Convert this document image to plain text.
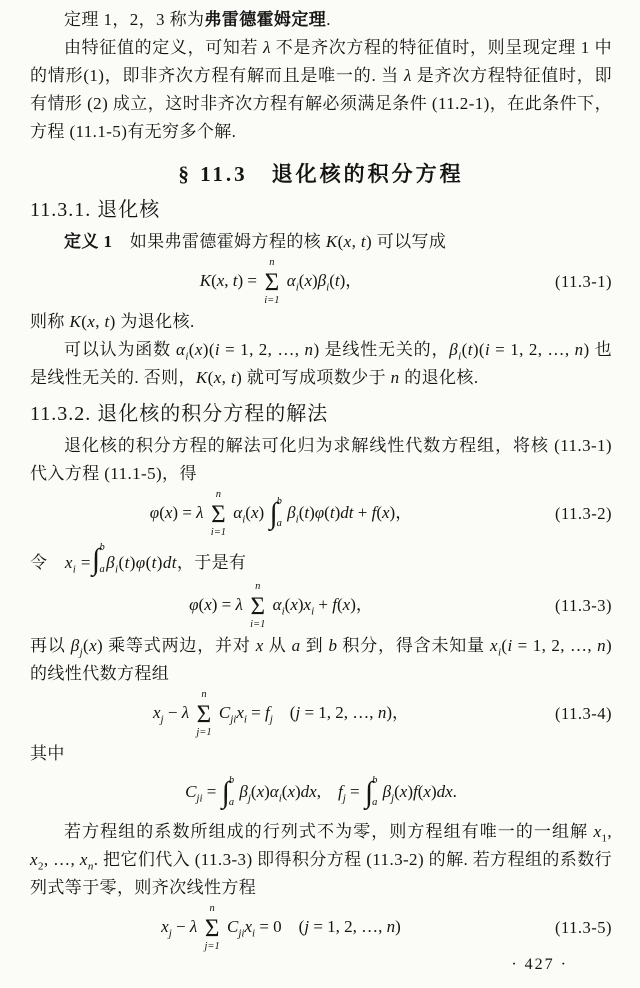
定理 1，2，3 称为弗雷德霍姆定理.

由特征值的定义，可知若 λ 不是齐次方程的特征值时，则呈现定理 1 中的情形(1)，即非齐次方程有解而且是唯一的. 当 λ 是齐次方程特征值时，即有情形 (2) 成立，这时非齐次方程有解必须满足条件 (11.2-1)，在此条件下，方程 (11.1-5)有无穷多个解.

§ 11.3　退化核的积分方程
11.3.1. 退化核

定义 1　如果弗雷德霍姆方程的核 K(x, t) 可以写成

K(x, t) =
n
Σ
i=1
$\alpha_i(x)\beta_i(t)$，	(11.3-1)

则称 K(x, t) 为退化核.

可以认为函数 $\alpha_i(x)(i = 1$, 2, …, n) 是线性无关的，$\beta_i(t)(i = 1$, 2, …, n) 也是线性无关的. 否则，K(x, t) 就可写成项数少于 n 的退化核.

11.3.2. 退化核的积分方程的解法

退化核的积分方程的解法可化归为求解线性代数方程组，将核 (11.3-1) 代入方程 (11.1-5)，得

φ(x) = λ
n
Σ
i=1
$\alpha_i(x)$ ∫ b
a
$\beta_i(t)\varphi(t)dt + f(x)$，	(11.3-2)

令　$x_i$ = ∫ b
a $\beta_i(t)\varphi(t)dt$，于是有

φ(x) = λ
n
Σ
i=1
$\alpha_i(x)x_i + f(x)$，	(11.3-3)

再以 $\beta_j(x)$ 乘等式两边，并对 x 从 a 到 b 积分，得含未知量 $x_i(i = 1$, 2, …, n) 的线性代数方程组

$x_j - \lambda$
n
Σ
j=1
$C_{ji}x_i = f_j$　(j = 1, 2, …, n)，	(11.3-4)

其中

$C_{ji}$ = ∫ b
a
$\beta_j(x)\alpha_i(x)dx$,　$f_j$ = ∫ b
a
$\beta_j(x)f(x)dx$.

若方程组的系数所组成的行列式不为零，则方程组有唯一的一组解 $x_1$, $x_2$, …, $x_n$. 把它们代入 (11.3-3) 即得积分方程 (11.3-2) 的解. 若方程组的系数行列式等于零，则齐次线性方程

$x_j - \lambda$
n
Σ
j=1
$C_{ji}x_i = 0$　(j = 1, 2, …, n)	(11.3-5)
· 427 ·
